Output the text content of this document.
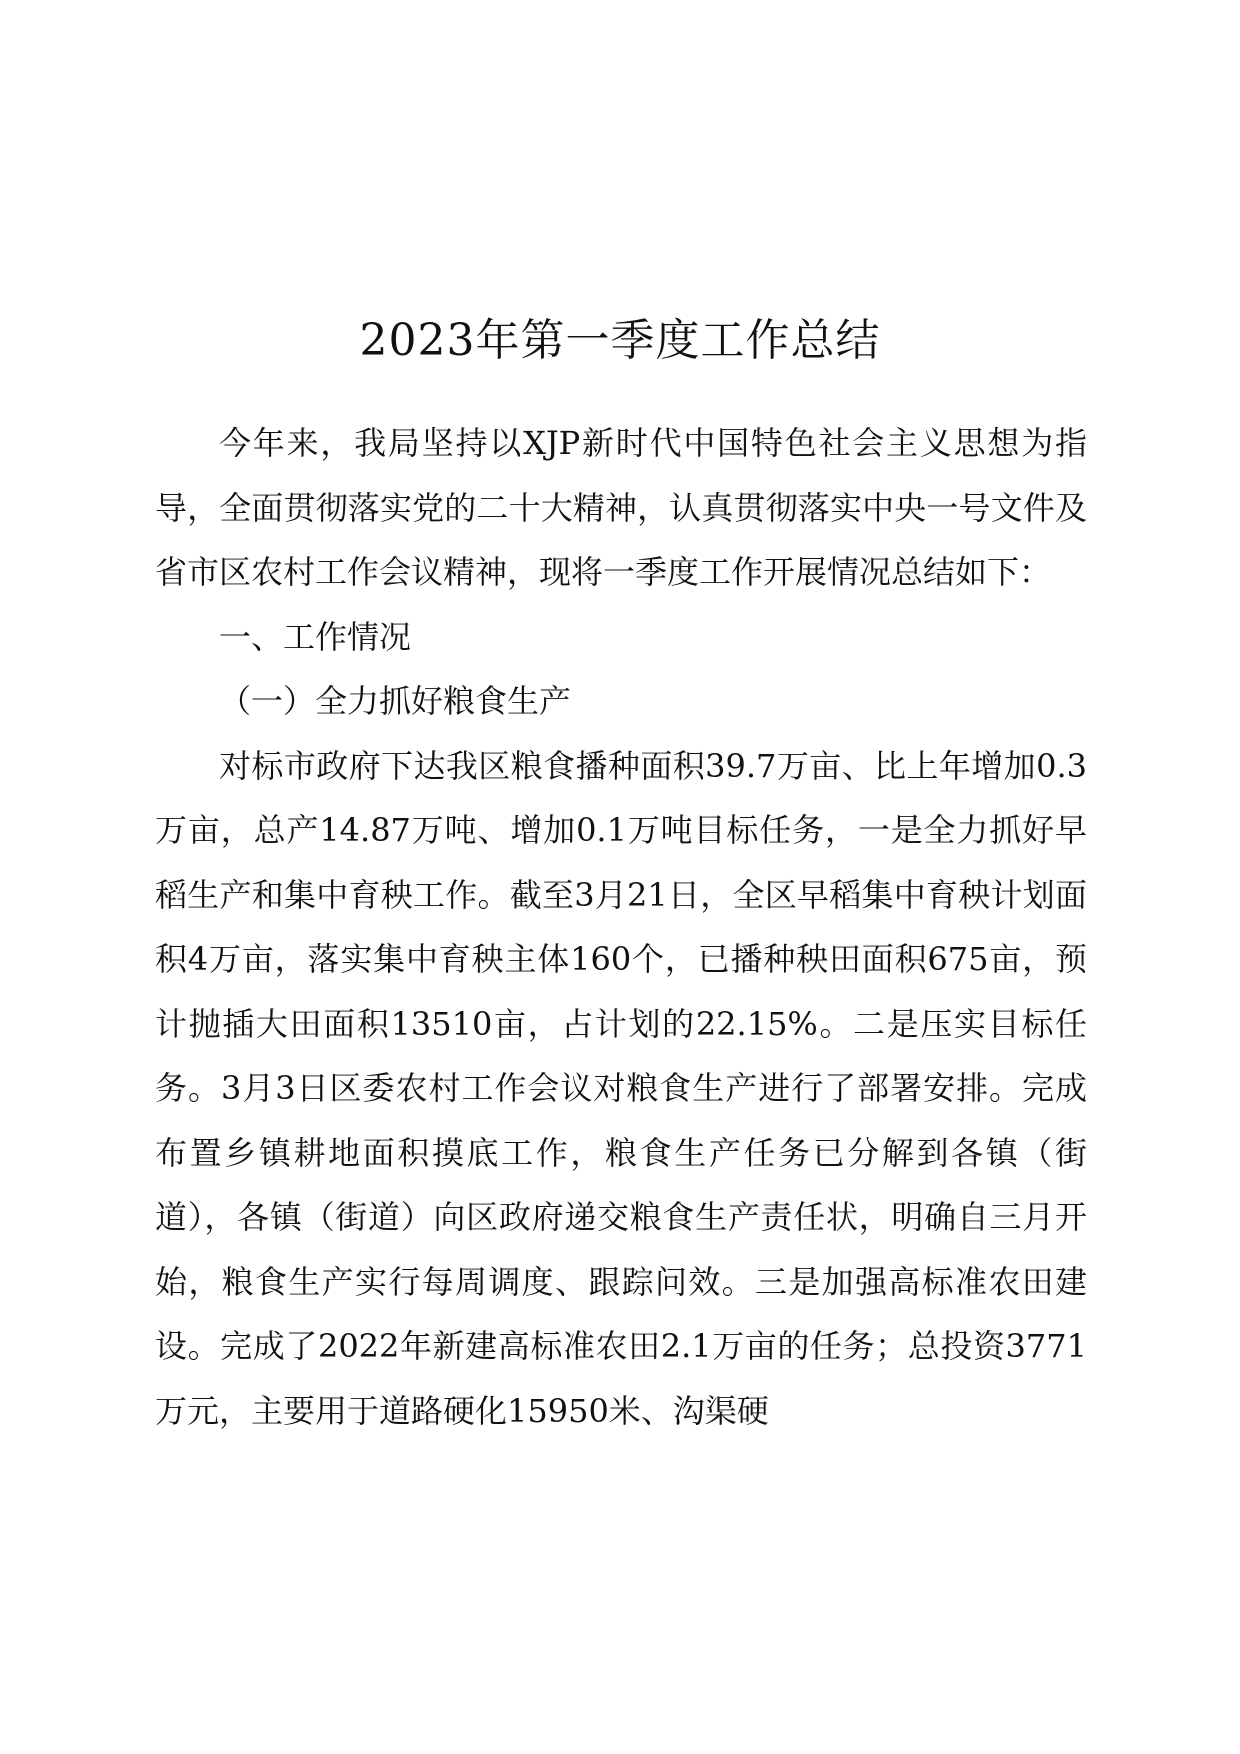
2023年第一季度工作总结

今年来，我局坚持以XJP新时代中国特色社会主义思想为指导，全面贯彻落实党的二十大精神，认真贯彻落实中央一号文件及省市区农村工作会议精神，现将一季度工作开展情况总结如下：

一、工作情况

（一）全力抓好粮食生产

对标市政府下达我区粮食播种面积39.7万亩、比上年增加0.3万亩，总产14.87万吨、增加0.1万吨目标任务，一是全力抓好早稻生产和集中育秧工作。截至3月21日，全区早稻集中育秧计划面积4万亩，落实集中育秧主体160个，已播种秧田面积675亩，预计抛插大田面积13510亩，占计划的22.15%。二是压实目标任务。3月3日区委农村工作会议对粮食生产进行了部署安排。完成布置乡镇耕地面积摸底工作，粮食生产任务已分解到各镇（街道），各镇（街道）向区政府递交粮食生产责任状，明确自三月开始，粮食生产实行每周调度、跟踪问效。三是加强高标准农田建设。完成了2022年新建高标准农田2.1万亩的任务；总投资3771万元，主要用于道路硬化15950米、沟渠硬
